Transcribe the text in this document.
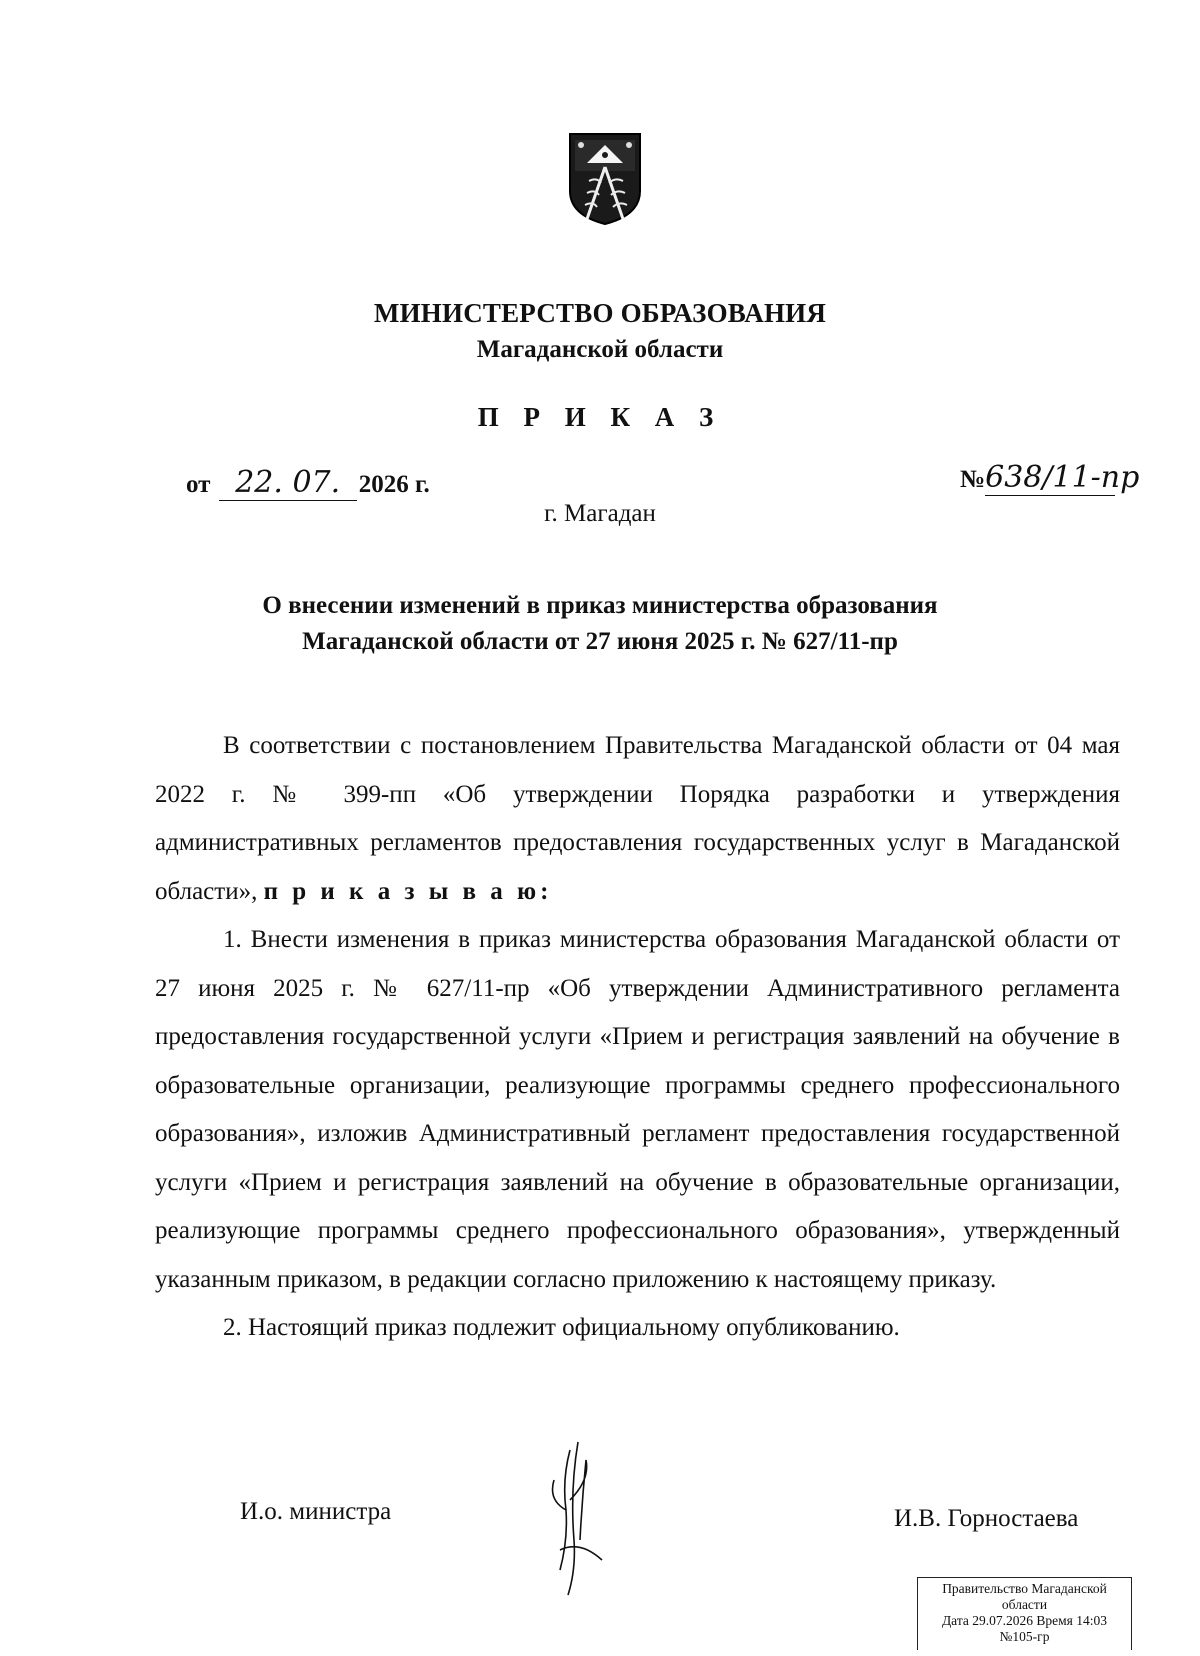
МИНИСТЕРСТВО ОБРАЗОВАНИЯ
Магаданской области
П Р И К А З
от 22. 07. 2026 г.	№638/11-пр
г. Магадан
О внесении изменений в приказ министерства образования
Магаданской области от 27 июня 2025 г. № 627/11-пр

В соответствии с постановлением Правительства Магаданской области от 04 мая 2022 г. № 399-пп «Об утверждении Порядка разработки и утверждения административных регламентов предоставления государственных услуг в Магаданской области», п р и к а з ы в а ю:

1. Внести изменения в приказ министерства образования Магаданской области от 27 июня 2025 г. № 627/11-пр «Об утверждении Административного регламента предоставления государственной услуги «Прием и регистрация заявлений на обучение в образовательные организации, реализующие программы среднего профессионального образования», изложив Административный регламент предоставления государственной услуги «Прием и регистрация заявлений на обучение в образовательные организации, реализующие программы среднего профессионального образования», утвержденный указанным приказом, в редакции согласно приложению к настоящему приказу.

2. Настоящий приказ подлежит официальному опубликованию.

И.о. министра	И.В. Горностаева
Правительство Магаданской
области
Дата 29.07.2026 Время 14:03
№105-гр
